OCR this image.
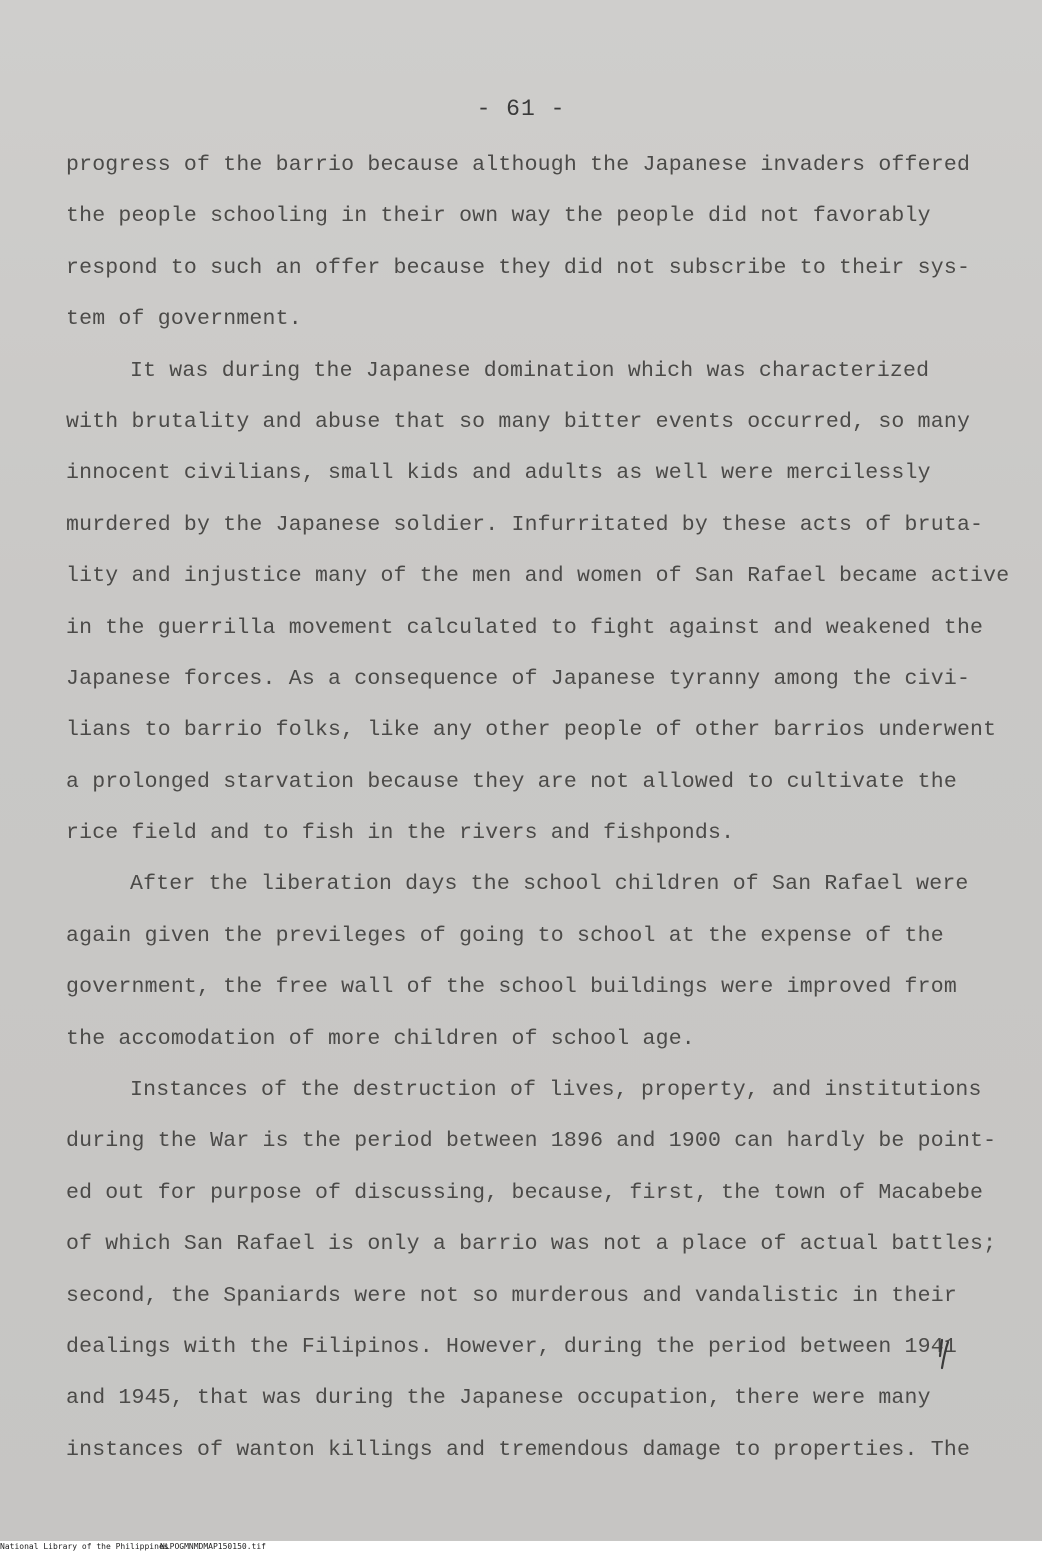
- 61 -
progress of the barrio because although the Japanese invaders offered
the people schooling in their own way the people did not favorably
respond to such an offer because they did not subscribe to their sys-
tem of government.
It was during the Japanese domination which was characterized
with brutality and abuse that so many bitter events occurred, so many
innocent civilians, small kids and adults as well were mercilessly
murdered by the Japanese soldier. Infurritated by these acts of bruta-
lity and injustice many of the men and women of San Rafael became active
in the guerrilla movement calculated to fight against and weakened the
Japanese forces. As a consequence of Japanese tyranny among the civi-
lians to barrio folks, like any other people of other barrios underwent
a prolonged starvation because they are not allowed to cultivate the
rice field and to fish in the rivers and fishponds.
After the liberation days the school children of San Rafael were
again given the previleges of going to school at the expense of the
government, the free wall of the school buildings were improved from
the accomodation of more children of school age.
Instances of the destruction of lives, property, and institutions
during the War is the period between 1896 and 1900 can hardly be point-
ed out for purpose of discussing, because, first, the town of Macabebe
of which San Rafael is only a barrio was not a place of actual battles;
second, the Spaniards were not so murderous and vandalistic in their
dealings with the Filipinos. However, during the period between 1941
and 1945, that was during the Japanese occupation, there were many
instances of wanton killings and tremendous damage to properties. The
National Library of the Philippines
NLPOGMNMDMAP150150.tif
